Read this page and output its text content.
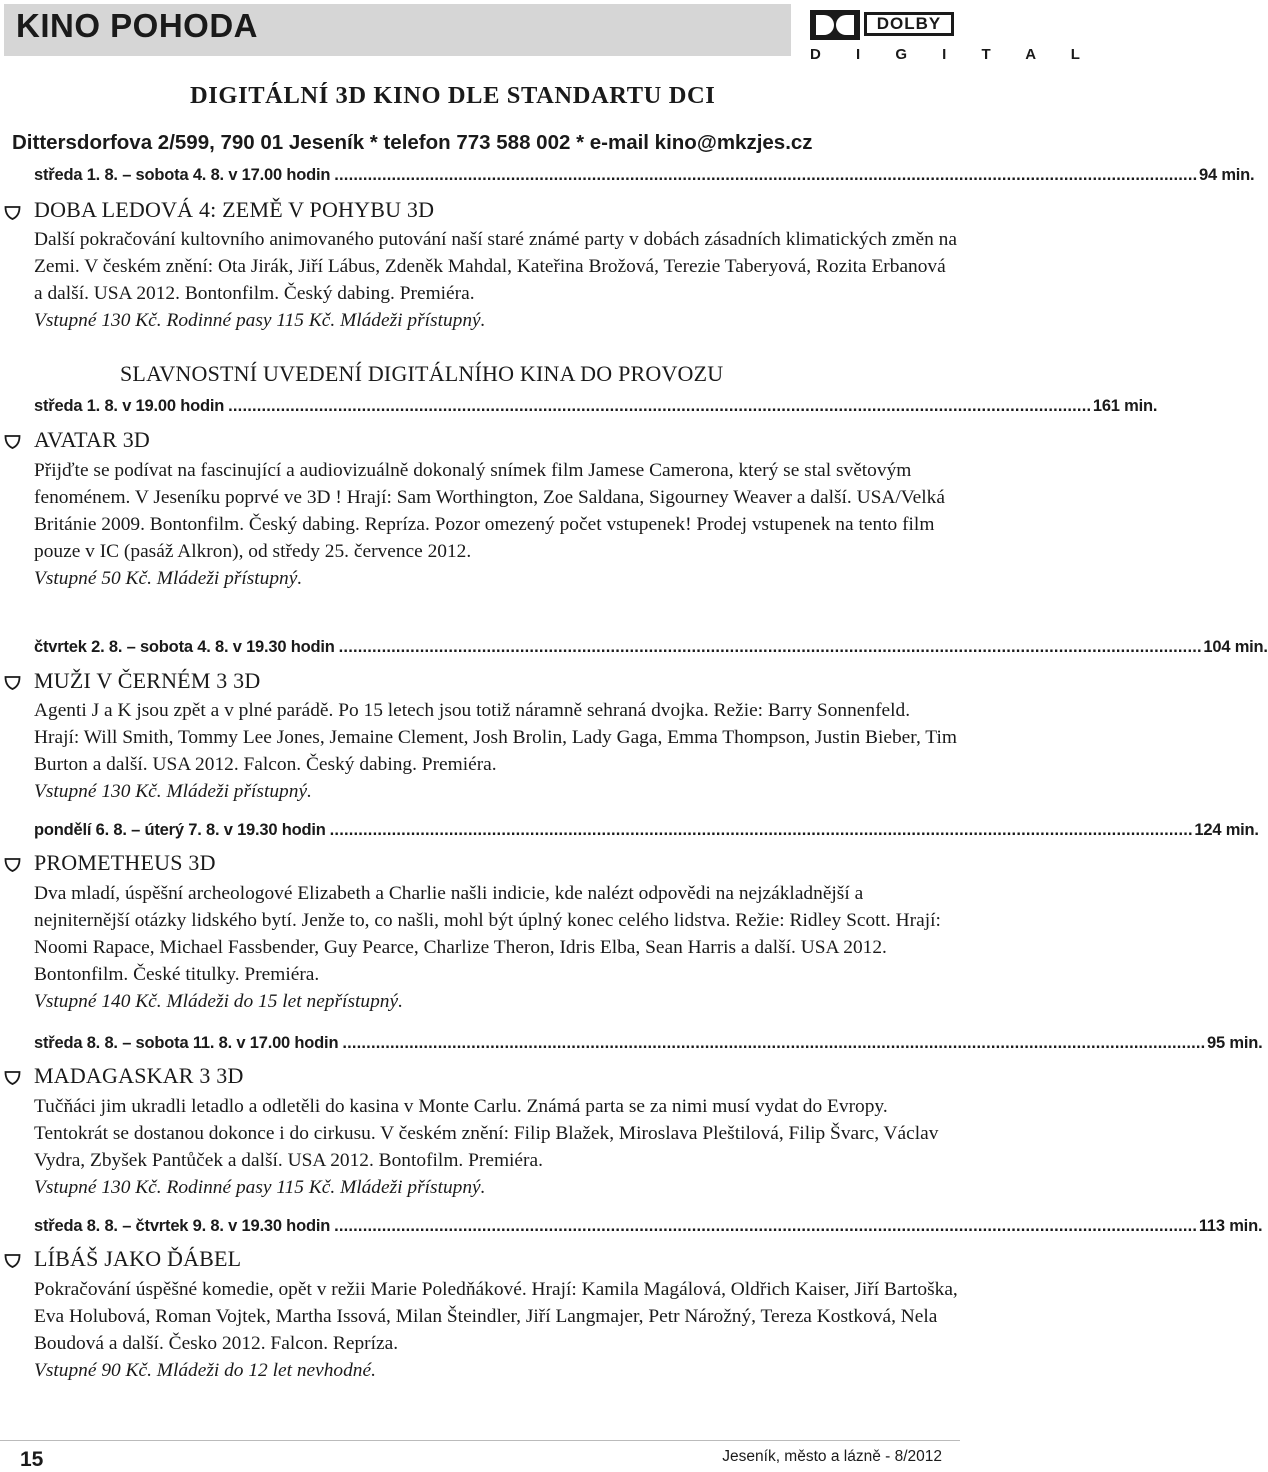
KINO POHODA	DOLBY
D I G I T A L
DIGITÁLNÍ 3D KINO DLE STANDARTU DCI
Dittersdorfova 2/599, 790 01 Jeseník * telefon 773 588 002 * e-mail kino@mkzjes.cz
středa 1. 8. – sobota 4. 8. v 17.00 hodin . . .	94 min.
DOBA LEDOVÁ 4: ZEMĚ V POHYBU 3D

Další pokračování kultovního animovaného putování naší staré známé party v dobách zásadních klimatických změn na Zemi. V českém znění: Ota Jirák, Jiří Lábus, Zdeněk Mahdal, Kateřina Brožová, Terezie Taberyová, Rozita Erbanová a další. USA 2012. Bontonfilm. Český dabing. Premiéra.
Vstupné 130 Kč. Rodinné pasy 115 Kč. Mládeži přístupný.

SLAVNOSTNÍ UVEDENÍ DIGITÁLNÍHO KINA DO PROVOZU
středa 1. 8. v 19.00 hodin . . .	161 min.
AVATAR 3D

Přijďte se podívat na fascinující a audiovizuálně dokonalý snímek film Jamese Camerona, který se stal světovým fenoménem. V Jeseníku poprvé ve 3D ! Hrají: Sam Worthington, Zoe Saldana, Sigourney Weaver a další. USA/Velká Británie 2009. Bontonfilm. Český dabing. Repríza. Pozor omezený počet vstupenek! Prodej vstupenek na tento film pouze v IC (pasáž Alkron), od středy 25. července 2012.
Vstupné 50 Kč. Mládeži přístupný.

čtvrtek 2. 8. – sobota 4. 8. v 19.30 hodin . . .	104 min.
MUŽI V ČERNÉM 3 3D

Agenti J a K jsou zpět a v plné parádě. Po 15 letech jsou totiž náramně sehraná dvojka. Režie: Barry Sonnenfeld. Hrají: Will Smith, Tommy Lee Jones, Jemaine Clement, Josh Brolin, Lady Gaga, Emma Thompson, Justin Bieber, Tim Burton a další. USA 2012. Falcon. Český dabing. Premiéra.
Vstupné 130 Kč. Mládeži přístupný.

pondělí 6. 8. – úterý 7. 8. v 19.30 hodin . . .	124 min.
PROMETHEUS 3D

Dva mladí, úspěšní archeologové Elizabeth a Charlie našli indicie, kde nalézt odpovědi na nejzákladnější a nejniternější otázky lidského bytí. Jenže to, co našli, mohl být úplný konec celého lidstva. Režie: Ridley Scott. Hrají: Noomi Rapace, Michael Fassbender, Guy Pearce, Charlize Theron, Idris Elba, Sean Harris a další. USA 2012. Bontonfilm. České titulky. Premiéra.
Vstupné 140 Kč. Mládeži do 15 let nepřístupný.

středa 8. 8. – sobota 11. 8. v 17.00 hodin . . .	95 min.
MADAGASKAR 3 3D

Tučňáci jim ukradli letadlo a odletěli do kasina v Monte Carlu. Známá parta se za nimi musí vydat do Evropy. Tentokrát se dostanou dokonce i do cirkusu. V českém znění: Filip Blažek, Miroslava Pleštilová, Filip Švarc, Václav Vydra, Zbyšek Pantůček a další. USA 2012. Bontofilm. Premiéra.
Vstupné 130 Kč. Rodinné pasy 115 Kč. Mládeži přístupný.

středa 8. 8. – čtvrtek 9. 8. v 19.30 hodin . . .	113 min.
LÍBÁŠ JAKO ĎÁBEL

Pokračování úspěšné komedie, opět v režii Marie Poledňákové. Hrají: Kamila Magálová, Oldřich Kaiser, Jiří Bartoška, Eva Holubová, Roman Vojtek, Martha Issová, Milan Šteindler, Jiří Langmajer, Petr Nárožný, Tereza Kostková, Nela Boudová a další. Česko 2012. Falcon. Repríza.
Vstupné 90 Kč. Mládeži do 12 let nevhodné.

15	Jeseník, město a lázně - 8/2012
